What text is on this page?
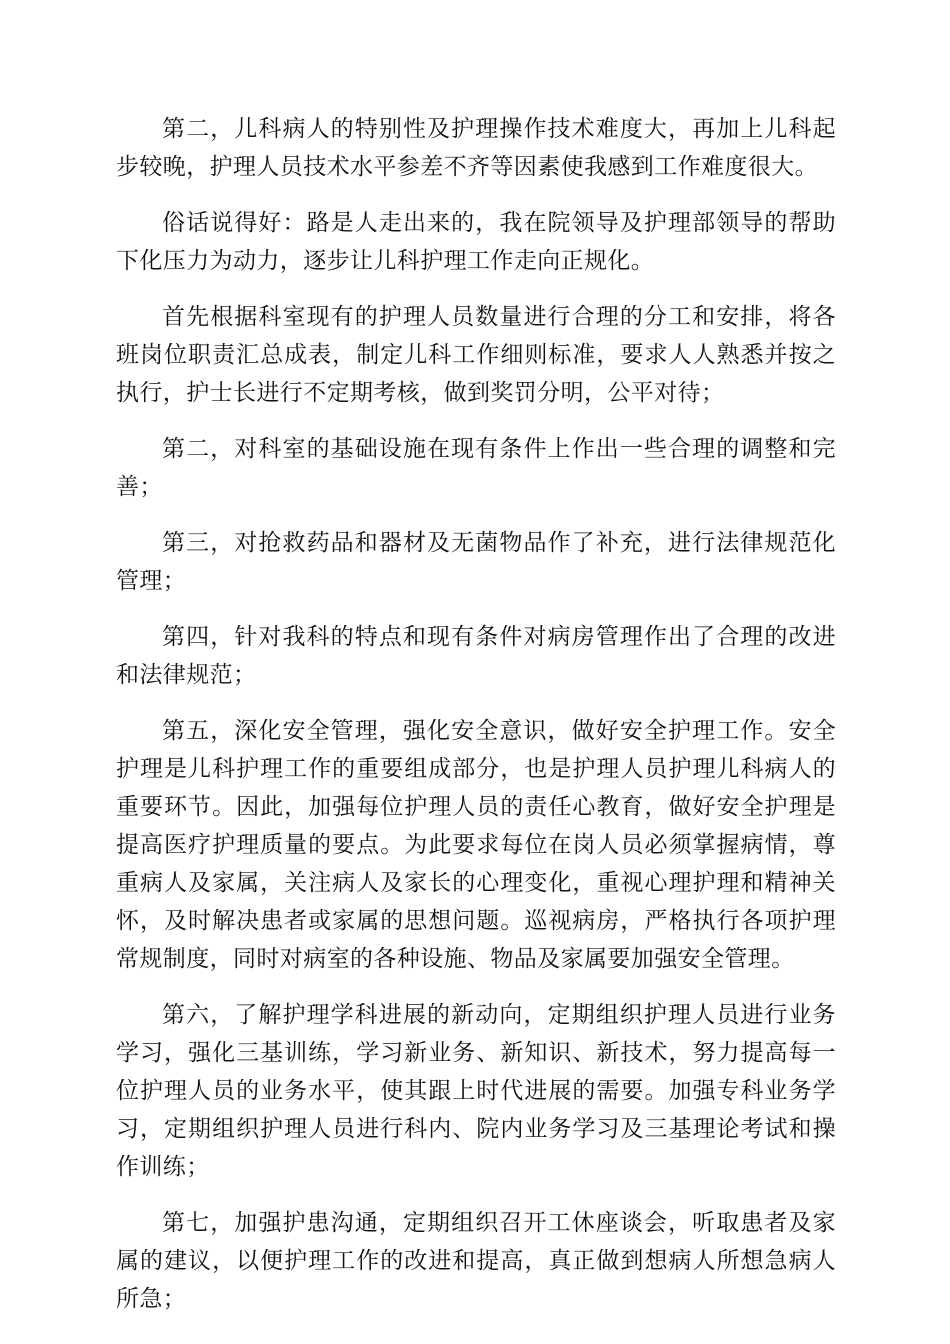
第二，儿科病人的特别性及护理操作技术难度大，再加上儿科起步较晚，护理人员技术水平参差不齐等因素使我感到工作难度很大。

俗话说得好：路是人走出来的，我在院领导及护理部领导的帮助下化压力为动力，逐步让儿科护理工作走向正规化。

首先根据科室现有的护理人员数量进行合理的分工和安排，将各班岗位职责汇总成表，制定儿科工作细则标准，要求人人熟悉并按之执行，护士长进行不定期考核，做到奖罚分明，公平对待；

第二，对科室的基础设施在现有条件上作出一些合理的调整和完善；

第三，对抢救药品和器材及无菌物品作了补充，进行法律规范化管理；

第四，针对我科的特点和现有条件对病房管理作出了合理的改进和法律规范；

第五，深化安全管理，强化安全意识，做好安全护理工作。安全护理是儿科护理工作的重要组成部分，也是护理人员护理儿科病人的重要环节。因此，加强每位护理人员的责任心教育，做好安全护理是提高医疗护理质量的要点。为此要求每位在岗人员必须掌握病情，尊重病人及家属，关注病人及家长的心理变化，重视心理护理和精神关怀，及时解决患者或家属的思想问题。巡视病房，严格执行各项护理常规制度，同时对病室的各种设施、物品及家属要加强安全管理。

第六，了解护理学科进展的新动向，定期组织护理人员进行业务学习，强化三基训练，学习新业务、新知识、新技术，努力提高每一位护理人员的业务水平，使其跟上时代进展的需要。加强专科业务学习，定期组织护理人员进行科内、院内业务学习及三基理论考试和操作训练；

第七，加强护患沟通，定期组织召开工休座谈会，听取患者及家属的建议，以便护理工作的改进和提高，真正做到想病人所想急病人所急；
